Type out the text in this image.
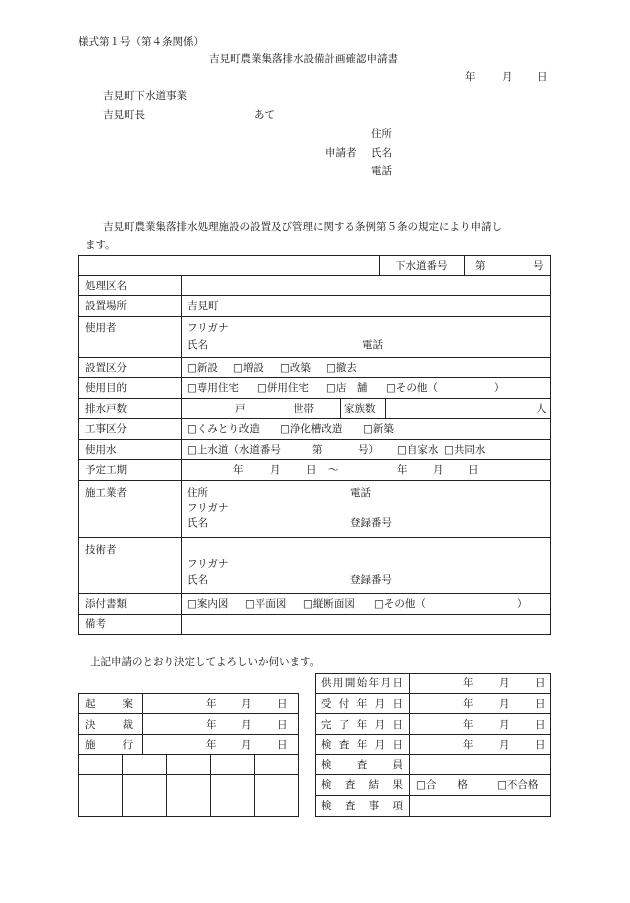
様式第１号（第４条関係）
吉見町農業集落排水設備計画確認申請書
年	月 日
吉見町下水道事業
吉見町長	あて
住所
申請者 氏名
電話
吉見町農業集落排水処理施設の設置及び管理に関する条例第５条の規定により申請し
ます。
下水道番号	第	号
処理区名
設置場所	吉見町
使用者	フリガナ
氏名	電話
設置区分	□新設 □増設 □改築 □撤去
使用目的	□専用住宅 □併用住宅 □店　舗 □その他（	）
排水戸数	戸	世帯	家族数	人
工事区分	□くみとり改造 □浄化槽改造 □新築
使用水	□上水道（水道番号	第	号） □自家水 □共同水
予定工期	年	月 日 ～	年 月 日
施工業者	住所	電話
フリガナ
氏名	登録番号
技術者
フリガナ
氏名	登録番号
添付書類	□案内図 □平面図 □縦断面図 □その他（	）
備考
上記申請のとおり決定してよろしいか伺います。
起	案	年 月 日
決	裁	年 月 日
施	行	年 月 日
供 用 開 始 年 月 日	年 月 日
受 付 年 月 日	年 月 日
完 了 年 月 日	年 月 日
検 査 年 月 日	年 月 日
検 査 員
検 査 結 果 □合　　格	□不合格
検 査 事 項
